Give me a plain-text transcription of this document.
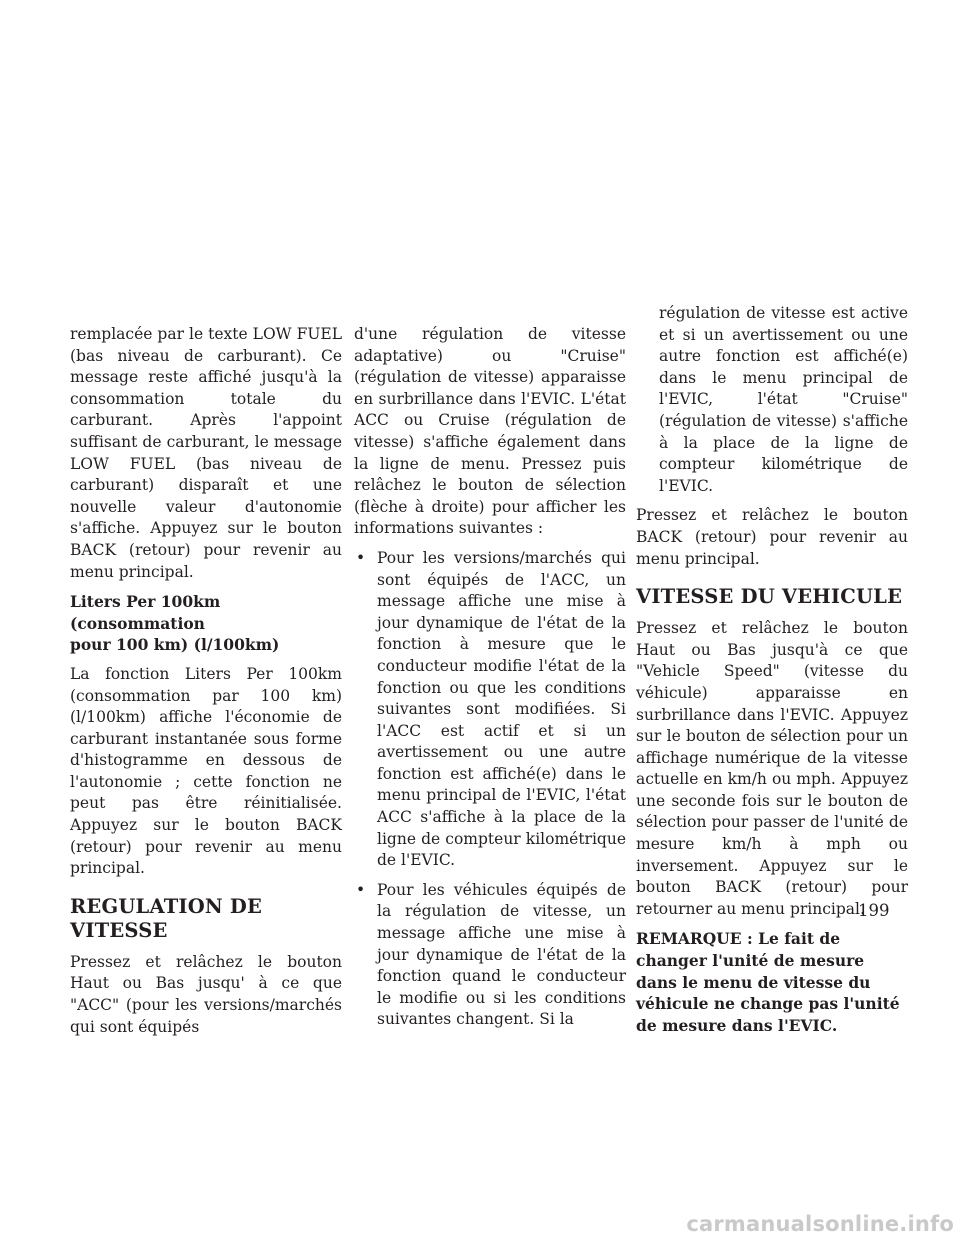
remplacée par le texte LOW FUEL (bas niveau de carburant). Ce message reste affiché jusqu'à la consommation totale du carburant. Après l'appoint suffisant de carburant, le message LOW FUEL (bas niveau de carburant) disparaît et une nouvelle valeur d'autonomie s'affiche. Appuyez sur le bouton BACK (retour) pour revenir au menu principal.

Liters Per 100km (consommation
pour 100 km) (l/100km)

La fonction Liters Per 100km (consommation par 100 km) (l/100km) affiche l'économie de carburant instantanée sous forme d'histogramme en dessous de l'autonomie ; cette fonction ne peut pas être réinitialisée. Appuyez sur le bouton BACK (retour) pour revenir au menu principal.

REGULATION DE VITESSE

Pressez et relâchez le bouton Haut ou Bas jusqu' à ce que "ACC" (pour les versions/marchés qui sont équipés

d'une régulation de vitesse adaptative) ou "Cruise" (régulation de vitesse) apparaisse en surbrillance dans l'EVIC. L'état ACC ou Cruise (régulation de vitesse) s'affiche également dans la ligne de menu. Pressez puis relâchez le bouton de sélection (flèche à droite) pour afficher les informations suivantes :

• Pour les versions/marchés qui sont équipés de l'ACC, un message affiche une mise à jour dynamique de l'état de la fonction à mesure que le conducteur modifie l'état de la fonction ou que les conditions suivantes sont modifiées. Si l'ACC est actif et si un avertissement ou une autre fonction est affiché(e) dans le menu principal de l'EVIC, l'état ACC s'affiche à la place de la ligne de compteur kilométrique de l'EVIC.
• Pour les véhicules équipés de la régulation de vitesse, un message affiche une mise à jour dynamique de l'état de la fonction quand le conducteur le modifie ou si les conditions suivantes changent. Si la
régulation de vitesse est active et si un avertissement ou une autre fonction est affiché(e) dans le menu principal de l'EVIC, l'état "Cruise" (régulation de vitesse) s'affiche à la place de la ligne de compteur kilométrique de l'EVIC.

Pressez et relâchez le bouton BACK (retour) pour revenir au menu principal.

VITESSE DU VEHICULE

Pressez et relâchez le bouton Haut ou Bas jusqu'à ce que "Vehicle Speed" (vitesse du véhicule) apparaisse en surbrillance dans l'EVIC. Appuyez sur le bouton de sélection pour un affichage numérique de la vitesse actuelle en km/h ou mph. Appuyez une seconde fois sur le bouton de sélection pour passer de l'unité de mesure km/h à mph ou inversement. Appuyez sur le bouton BACK (retour) pour retourner au menu principal.

REMARQUE : Le fait de changer l'unité de mesure dans le menu de vitesse du véhicule ne change pas l'unité de mesure dans l'EVIC.

199
carmanualsonline.info
